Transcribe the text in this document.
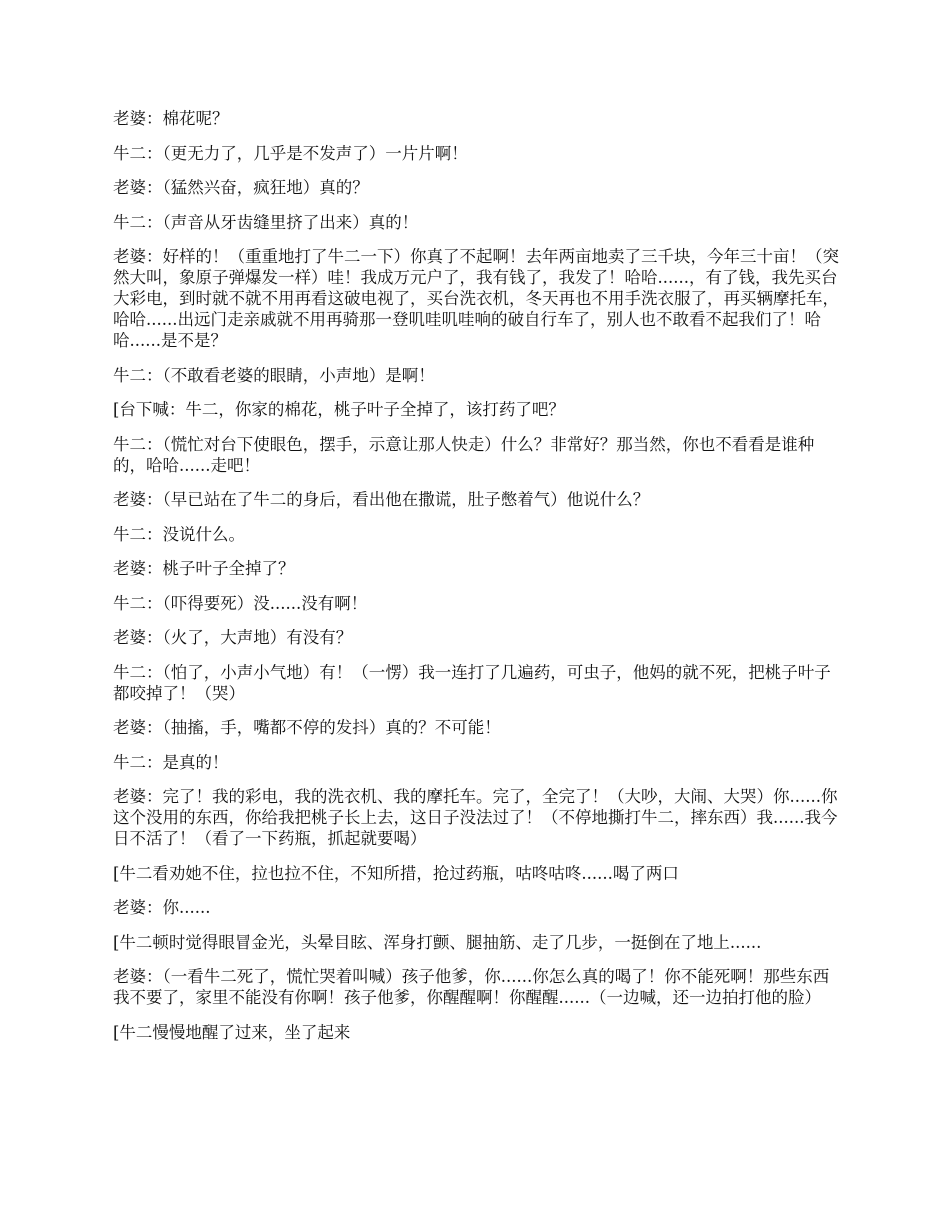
老婆：棉花呢？

牛二：（更无力了，几乎是不发声了）一片片啊！

老婆：（猛然兴奋，疯狂地）真的？

牛二：（声音从牙齿缝里挤了出来）真的！

老婆：好样的！（重重地打了牛二一下）你真了不起啊！去年两亩地卖了三千块，今年三十亩！（突然大叫，象原子弹爆发一样）哇！我成万元户了，我有钱了，我发了！哈哈......，有了钱，我先买台大彩电，到时就不就不用再看这破电视了，买台洗衣机，冬天再也不用手洗衣服了，再买辆摩托车，哈哈......出远门走亲戚就不用再骑那一登叽哇叽哇响的破自行车了，别人也不敢看不起我们了！哈哈......是不是？

牛二：（不敢看老婆的眼睛，小声地）是啊！

[台下喊：牛二，你家的棉花，桃子叶子全掉了，该打药了吧？

牛二：（慌忙对台下使眼色，摆手，示意让那人快走）什么？非常好？那当然，你也不看看是谁种的，哈哈......走吧！

老婆：（早已站在了牛二的身后，看出他在撒谎，肚子憋着气）他说什么？

牛二：没说什么。

老婆：桃子叶子全掉了？

牛二：（吓得要死）没......没有啊！

老婆：（火了，大声地）有没有？

牛二：（怕了，小声小气地）有！（一愣）我一连打了几遍药，可虫子，他妈的就不死，把桃子叶子都咬掉了！（哭）

老婆：（抽搐，手，嘴都不停的发抖）真的？不可能！

牛二：是真的！

老婆：完了！我的彩电，我的洗衣机、我的摩托车。完了，全完了！（大吵，大闹、大哭）你......你这个没用的东西，你给我把桃子长上去，这日子没法过了！（不停地撕打牛二，摔东西）我......我今日不活了！（看了一下药瓶，抓起就要喝）

[牛二看劝她不住，拉也拉不住，不知所措，抢过药瓶，咕咚咕咚......喝了两口

老婆：你......

[牛二顿时觉得眼冒金光，头晕目眩、浑身打颤、腿抽筋、走了几步，一挺倒在了地上......

老婆：（一看牛二死了，慌忙哭着叫喊）孩子他爹，你......你怎么真的喝了！你不能死啊！那些东西我不要了，家里不能没有你啊！孩子他爹，你醒醒啊！你醒醒......（一边喊，还一边拍打他的脸）

[牛二慢慢地醒了过来，坐了起来
